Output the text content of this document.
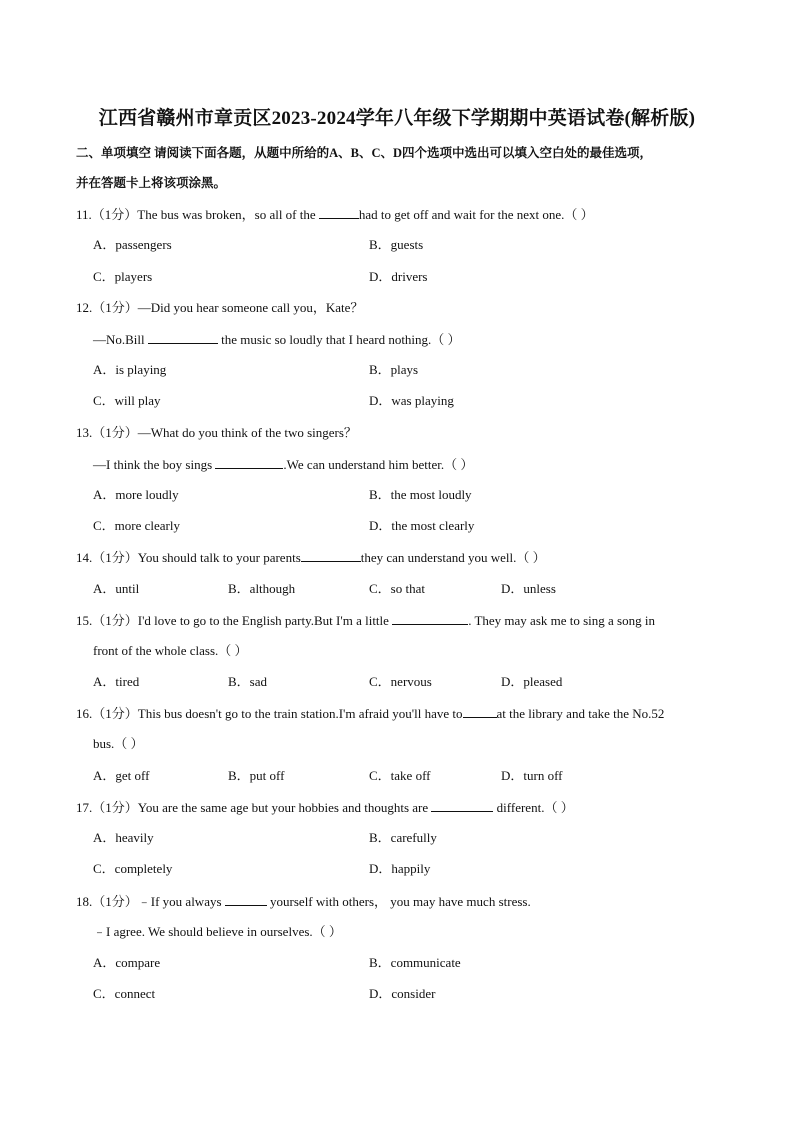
江西省赣州市章贡区2023-2024学年八年级下学期期中英语试卷(解析版)
二、单项填空 请阅读下面各题，从题中所给的A、B、C、D四个选项中选出可以填入空白处的最佳选项，
并在答题卡上将该项涂黑。
11.（1分）The bus was broken，so all of the	had to get off and wait for the next one.（ ）
A．passengers	B．guests
C．players	D．drivers
12.（1分）—Did you hear someone call you，Kate？
—No.Bill	the music so loudly that I heard nothing.（ ）
A．is playing	B．plays
C．will play	D．was playing
13.（1分）—What do you think of the two singers？
—I think the boy sings	.We can understand him better.（ ）
A．more loudly	B．the most loudly
C．more clearly	D．the most clearly
14.（1分）You should talk to your parents	they can understand you well.（ ）
A．until	B．although	C．so that	D．unless
15.（1分）I'd love to go to the English party.But I'm a little	. They may ask me to sing a song in
front of the whole class.（ ）
A．tired	B．sad	C．nervous	D．pleased
16.（1分）This bus doesn't go to the train station.I'm afraid you'll have to	at the library and take the No.52
bus.（ ）
A．get off	B．put off	C．take off	D．turn off
17.（1分）You are the same age but your hobbies and thoughts are	different.（ ）
A．heavily	B．carefully
C．completely	D．happily
18.（1分）﹣If you always	yourself with others， you may have much stress.
﹣I agree. We should believe in ourselves.（ ）
A．compare	B．communicate
C．connect	D．consider
